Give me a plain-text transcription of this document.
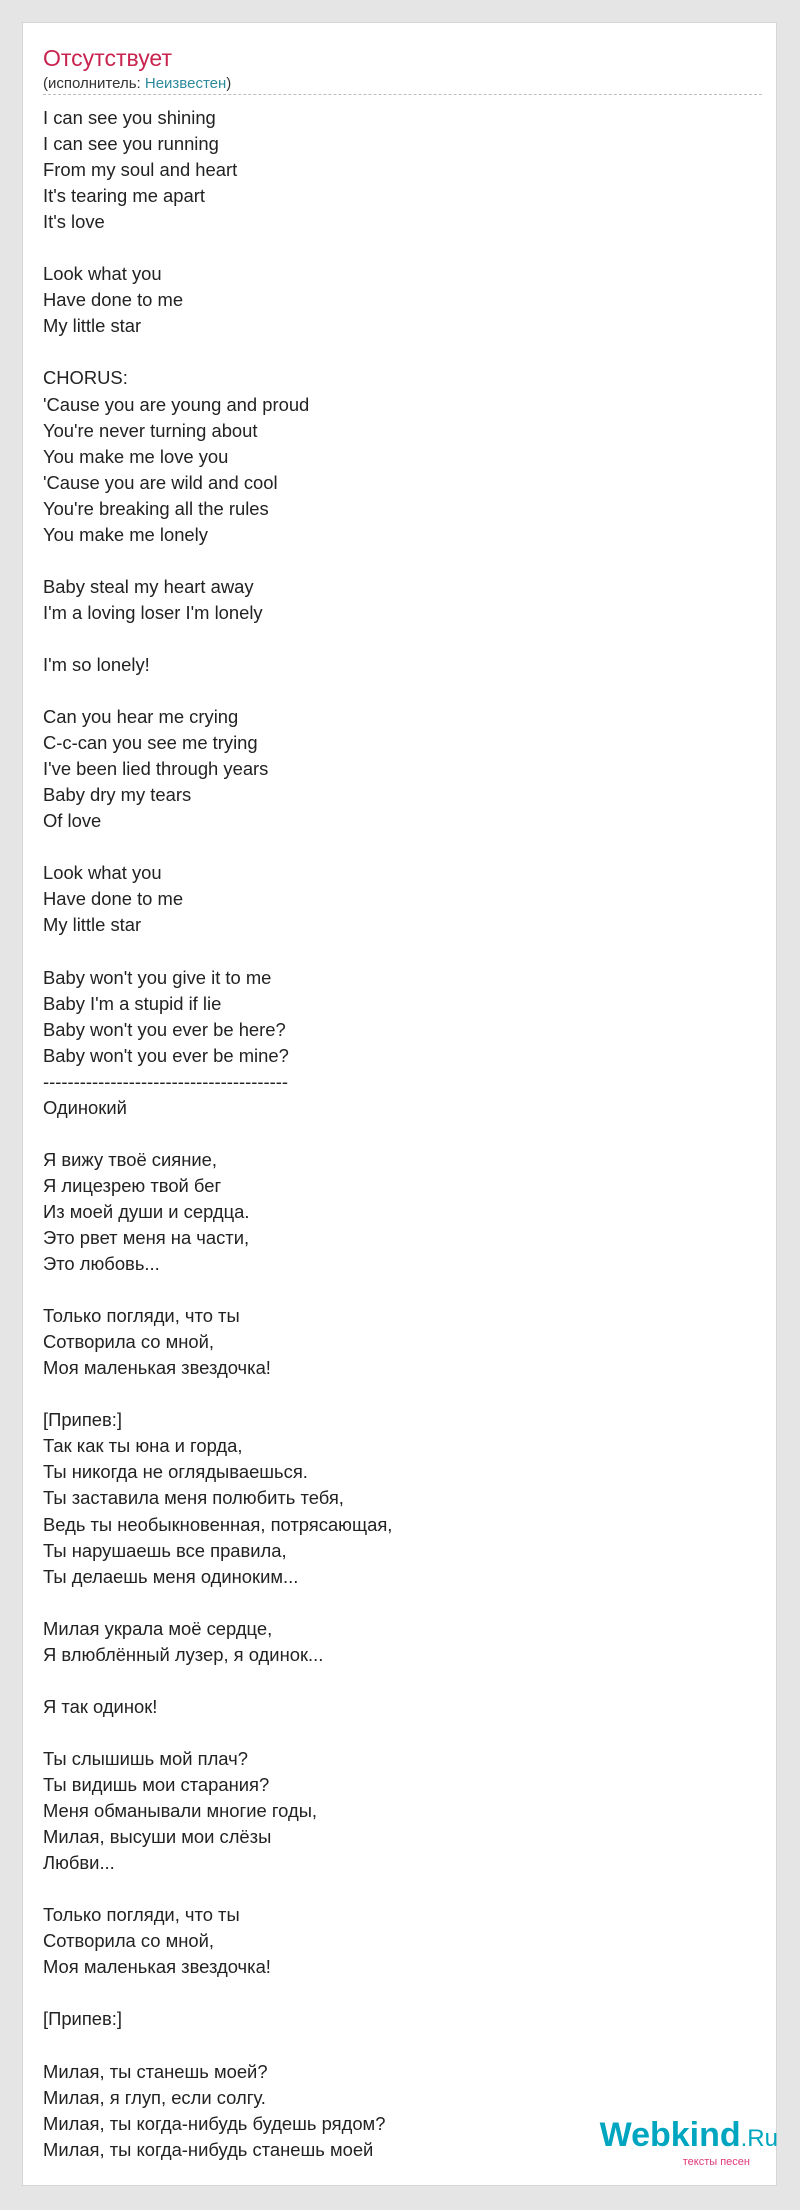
Отсутствует
(исполнитель: Неизвестен)
I can see you shining
I can see you running
From my soul and heart
It's tearing me apart
It's love
Look what you
Have done to me
My little star
CHORUS:
'Cause you are young and proud
You're never turning about
You make me love you
'Cause you are wild and cool
You're breaking all the rules
You make me lonely
Baby steal my heart away
I'm a loving loser I'm lonely
I'm so lonely!
Can you hear me crying
C-c-can you see me trying
I've been lied through years
Baby dry my tears
Of love
Look what you
Have done to me
My little star
Baby won't you give it to me
Baby I'm a stupid if lie
Baby won't you ever be here?
Baby won't you ever be mine?
----------------------------------------
Одинокий
Я вижу твоё сияние,
Я лицезрею твой бег
Из моей души и сердца.
Это рвет меня на части,
Это любовь...
Только погляди, что ты
Сотворила со мной,
Моя маленькая звездочка!
[Припев:]
Так как ты юна и горда,
Ты никогда не оглядываешься.
Ты заставила меня полюбить тебя,
Ведь ты необыкновенная, потрясающая,
Ты нарушаешь все правила,
Ты делаешь меня одиноким...
Милая украла моё сердце,
Я влюблённый лузер, я одинок...
Я так одинок!
Ты слышишь мой плач?
Ты видишь мои старания?
Меня обманывали многие годы,
Милая, высуши мои слёзы
Любви...
Только погляди, что ты
Сотворила со мной,
Моя маленькая звездочка!
[Припев:]
Милая, ты станешь моей?
Милая, я глуп, если солгу.
Милая, ты когда-нибудь будешь рядом?
Милая, ты когда-нибудь станешь моей	Webkind.Ru
тексты песен
